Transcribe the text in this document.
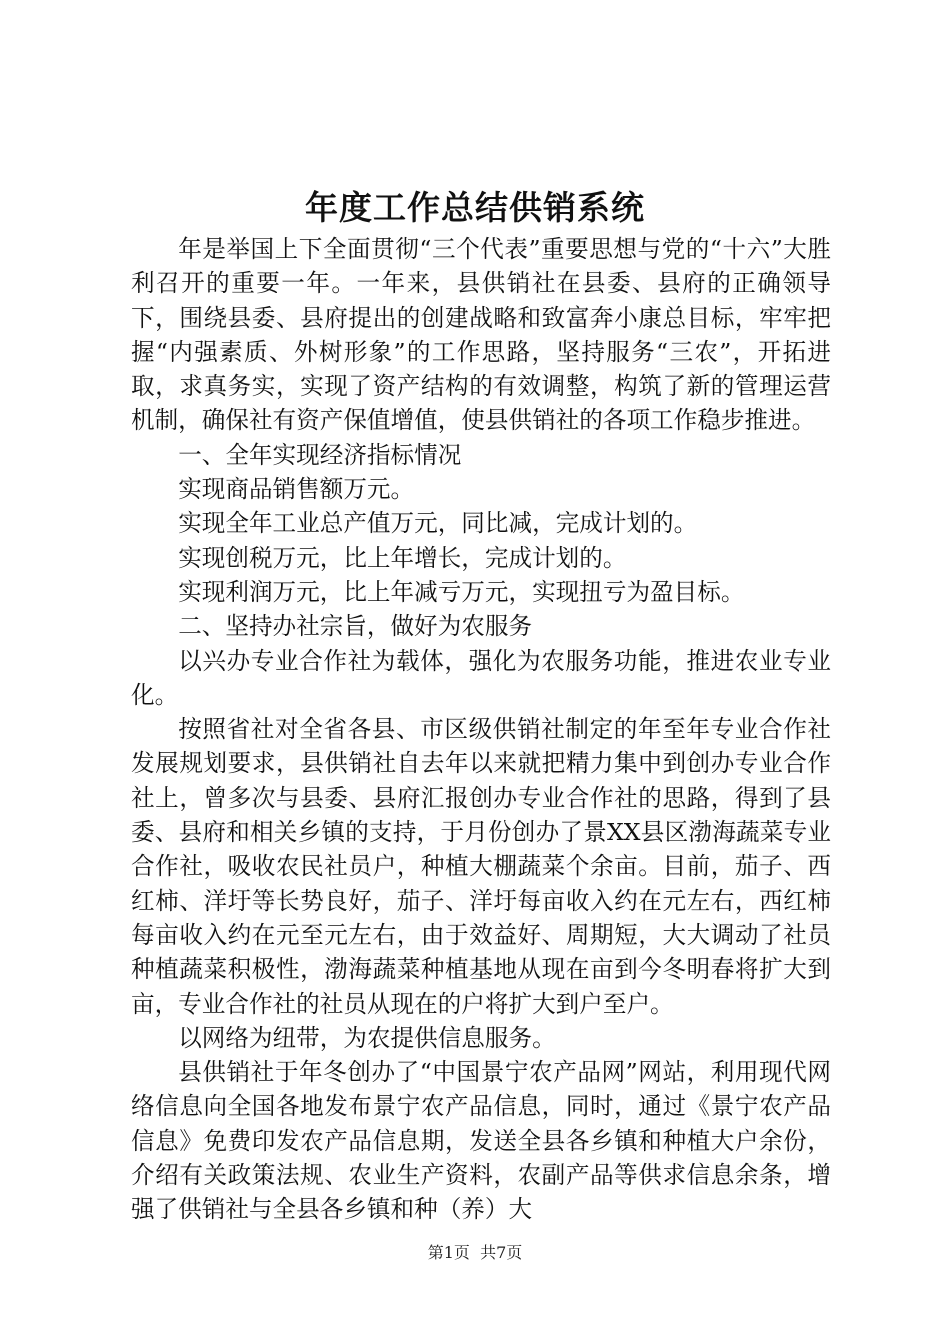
年度工作总结供销系统

年是举国上下全面贯彻“三个代表”重要思想与党的“十六”大胜利召开的重要一年。一年来，县供销社在县委、县府的正确领导下，围绕县委、县府提出的创建战略和致富奔小康总目标，牢牢把握“内强素质、外树形象”的工作思路，坚持服务“三农”，开拓进取，求真务实，实现了资产结构的有效调整，构筑了新的管理运营机制，确保社有资产保值增值，使县供销社的各项工作稳步推进。

一、全年实现经济指标情况

实现商品销售额万元。

实现全年工业总产值万元，同比减，完成计划的。

实现创税万元，比上年增长，完成计划的。

实现利润万元，比上年减亏万元，实现扭亏为盈目标。

二、坚持办社宗旨，做好为农服务

以兴办专业合作社为载体，强化为农服务功能，推进农业专业化。

按照省社对全省各县、市区级供销社制定的年至年专业合作社发展规划要求，县供销社自去年以来就把精力集中到创办专业合作社上，曾多次与县委、县府汇报创办专业合作社的思路，得到了县委、县府和相关乡镇的支持，于月份创办了景XX县区渤海蔬菜专业合作社，吸收农民社员户，种植大棚蔬菜个余亩。目前，茄子、西红柿、洋圩等长势良好，茄子、洋圩每亩收入约在元左右，西红柿每亩收入约在元至元左右，由于效益好、周期短，大大调动了社员种植蔬菜积极性，渤海蔬菜种植基地从现在亩到今冬明春将扩大到亩，专业合作社的社员从现在的户将扩大到户至户。

以网络为纽带，为农提供信息服务。

县供销社于年冬创办了“中国景宁农产品网”网站，利用现代网络信息向全国各地发布景宁农产品信息，同时，通过《景宁农产品信息》免费印发农产品信息期，发送全县各乡镇和种植大户余份，介绍有关政策法规、农业生产资料，农副产品等供求信息余条，增强了供销社与全县各乡镇和种（养）大

第1页  共7页
